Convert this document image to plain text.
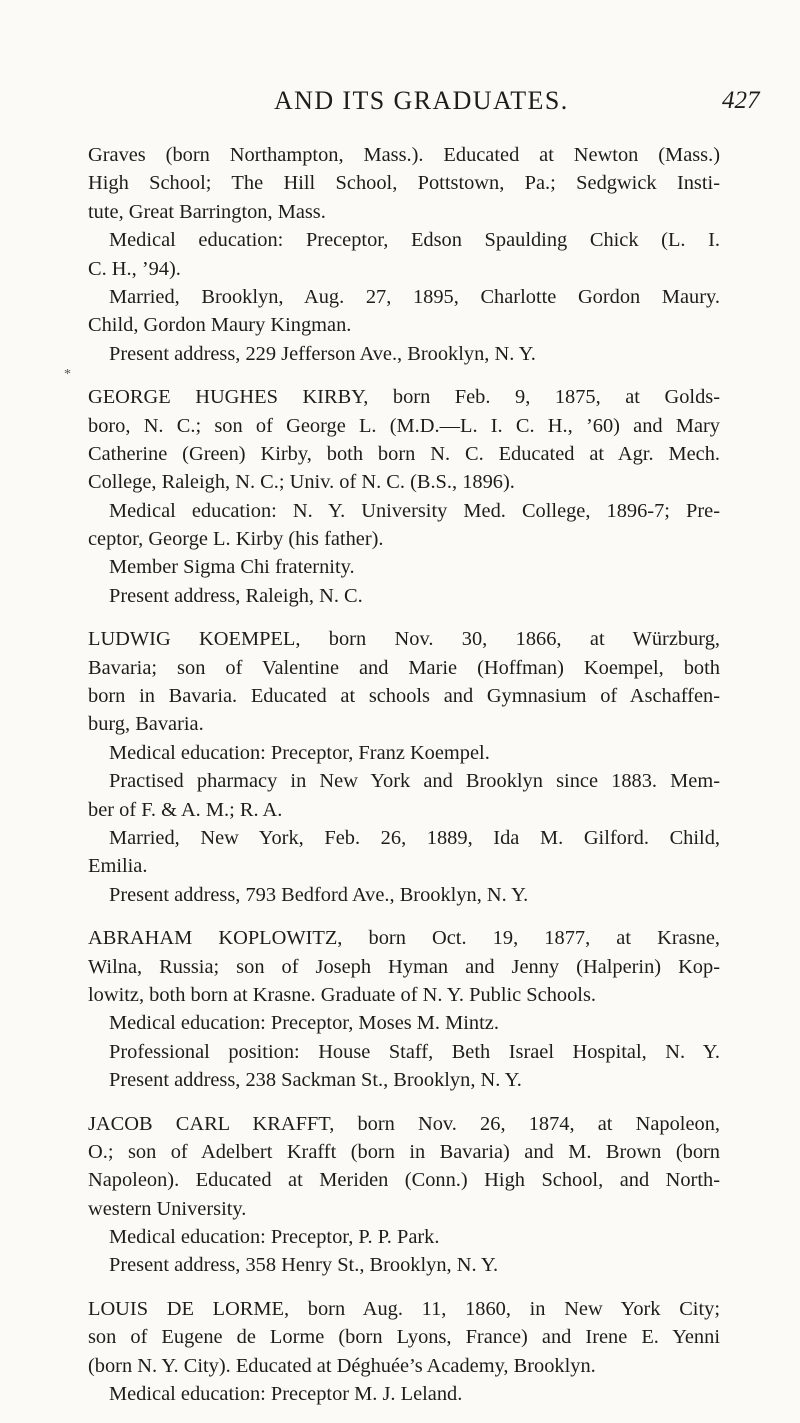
AND ITS GRADUATES.	427
*
Graves (born Northampton, Mass.). Educated at Newton (Mass.)
High School; The Hill School, Pottstown, Pa.; Sedgwick Insti-
tute, Great Barrington, Mass.
Medical education: Preceptor, Edson Spaulding Chick (L. I.
C. H., ’94).
Married, Brooklyn, Aug. 27, 1895, Charlotte Gordon Maury.
Child, Gordon Maury Kingman.
Present address, 229 Jefferson Ave., Brooklyn, N. Y.
GEORGE HUGHES KIRBY, born Feb. 9, 1875, at Golds-
boro, N. C.; son of George L. (M.D.—L. I. C. H., ’60) and Mary
Catherine (Green) Kirby, both born N. C. Educated at Agr. Mech.
College, Raleigh, N. C.; Univ. of N. C. (B.S., 1896).
Medical education: N. Y. University Med. College, 1896-7; Pre-
ceptor, George L. Kirby (his father).
Member Sigma Chi fraternity.
Present address, Raleigh, N. C.
LUDWIG KOEMPEL, born Nov. 30, 1866, at Würzburg,
Bavaria; son of Valentine and Marie (Hoffman) Koempel, both
born in Bavaria. Educated at schools and Gymnasium of Aschaffen-
burg, Bavaria.
Medical education: Preceptor, Franz Koempel.
Practised pharmacy in New York and Brooklyn since 1883. Mem-
ber of F. & A. M.; R. A.
Married, New York, Feb. 26, 1889, Ida M. Gilford. Child,
Emilia.
Present address, 793 Bedford Ave., Brooklyn, N. Y.
ABRAHAM KOPLOWITZ, born Oct. 19, 1877, at Krasne,
Wilna, Russia; son of Joseph Hyman and Jenny (Halperin) Kop-
lowitz, both born at Krasne. Graduate of N. Y. Public Schools.
Medical education: Preceptor, Moses M. Mintz.
Professional position: House Staff, Beth Israel Hospital, N. Y.
Present address, 238 Sackman St., Brooklyn, N. Y.
JACOB CARL KRAFFT, born Nov. 26, 1874, at Napoleon,
O.; son of Adelbert Krafft (born in Bavaria) and M. Brown (born
Napoleon). Educated at Meriden (Conn.) High School, and North-
western University.
Medical education: Preceptor, P. P. Park.
Present address, 358 Henry St., Brooklyn, N. Y.
LOUIS DE LORME, born Aug. 11, 1860, in New York City;
son of Eugene de Lorme (born Lyons, France) and Irene E. Yenni
(born N. Y. City). Educated at Déghuée’s Academy, Brooklyn.
Medical education: Preceptor M. J. Leland.
